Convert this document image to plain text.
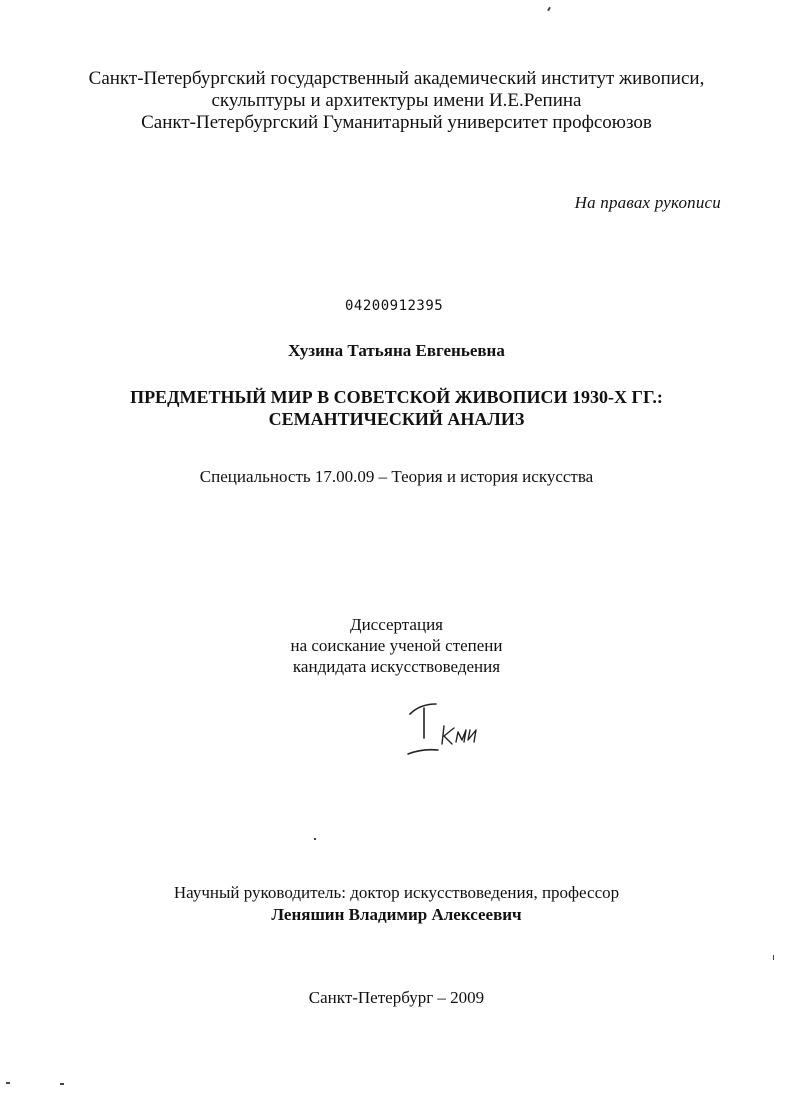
Санкт-Петербургский государственный академический институт живописи,
скульптуры и архитектуры имени И.Е.Репина
Санкт-Петербургский Гуманитарный университет профсоюзов
На правах рукописи
04200912395
Хузина Татьяна Евгеньевна
ПРЕДМЕТНЫЙ МИР В СОВЕТСКОЙ ЖИВОПИСИ 1930-Х ГГ.:
СЕМАНТИЧЕСКИЙ АНАЛИЗ
Специальность 17.00.09 – Теория и история искусства
Диссертация
на соискание ученой степени
кандидата искусствоведения
Научный руководитель: доктор искусствоведения, профессор
Леняшин Владимир Алексеевич
Санкт-Петербург – 2009
